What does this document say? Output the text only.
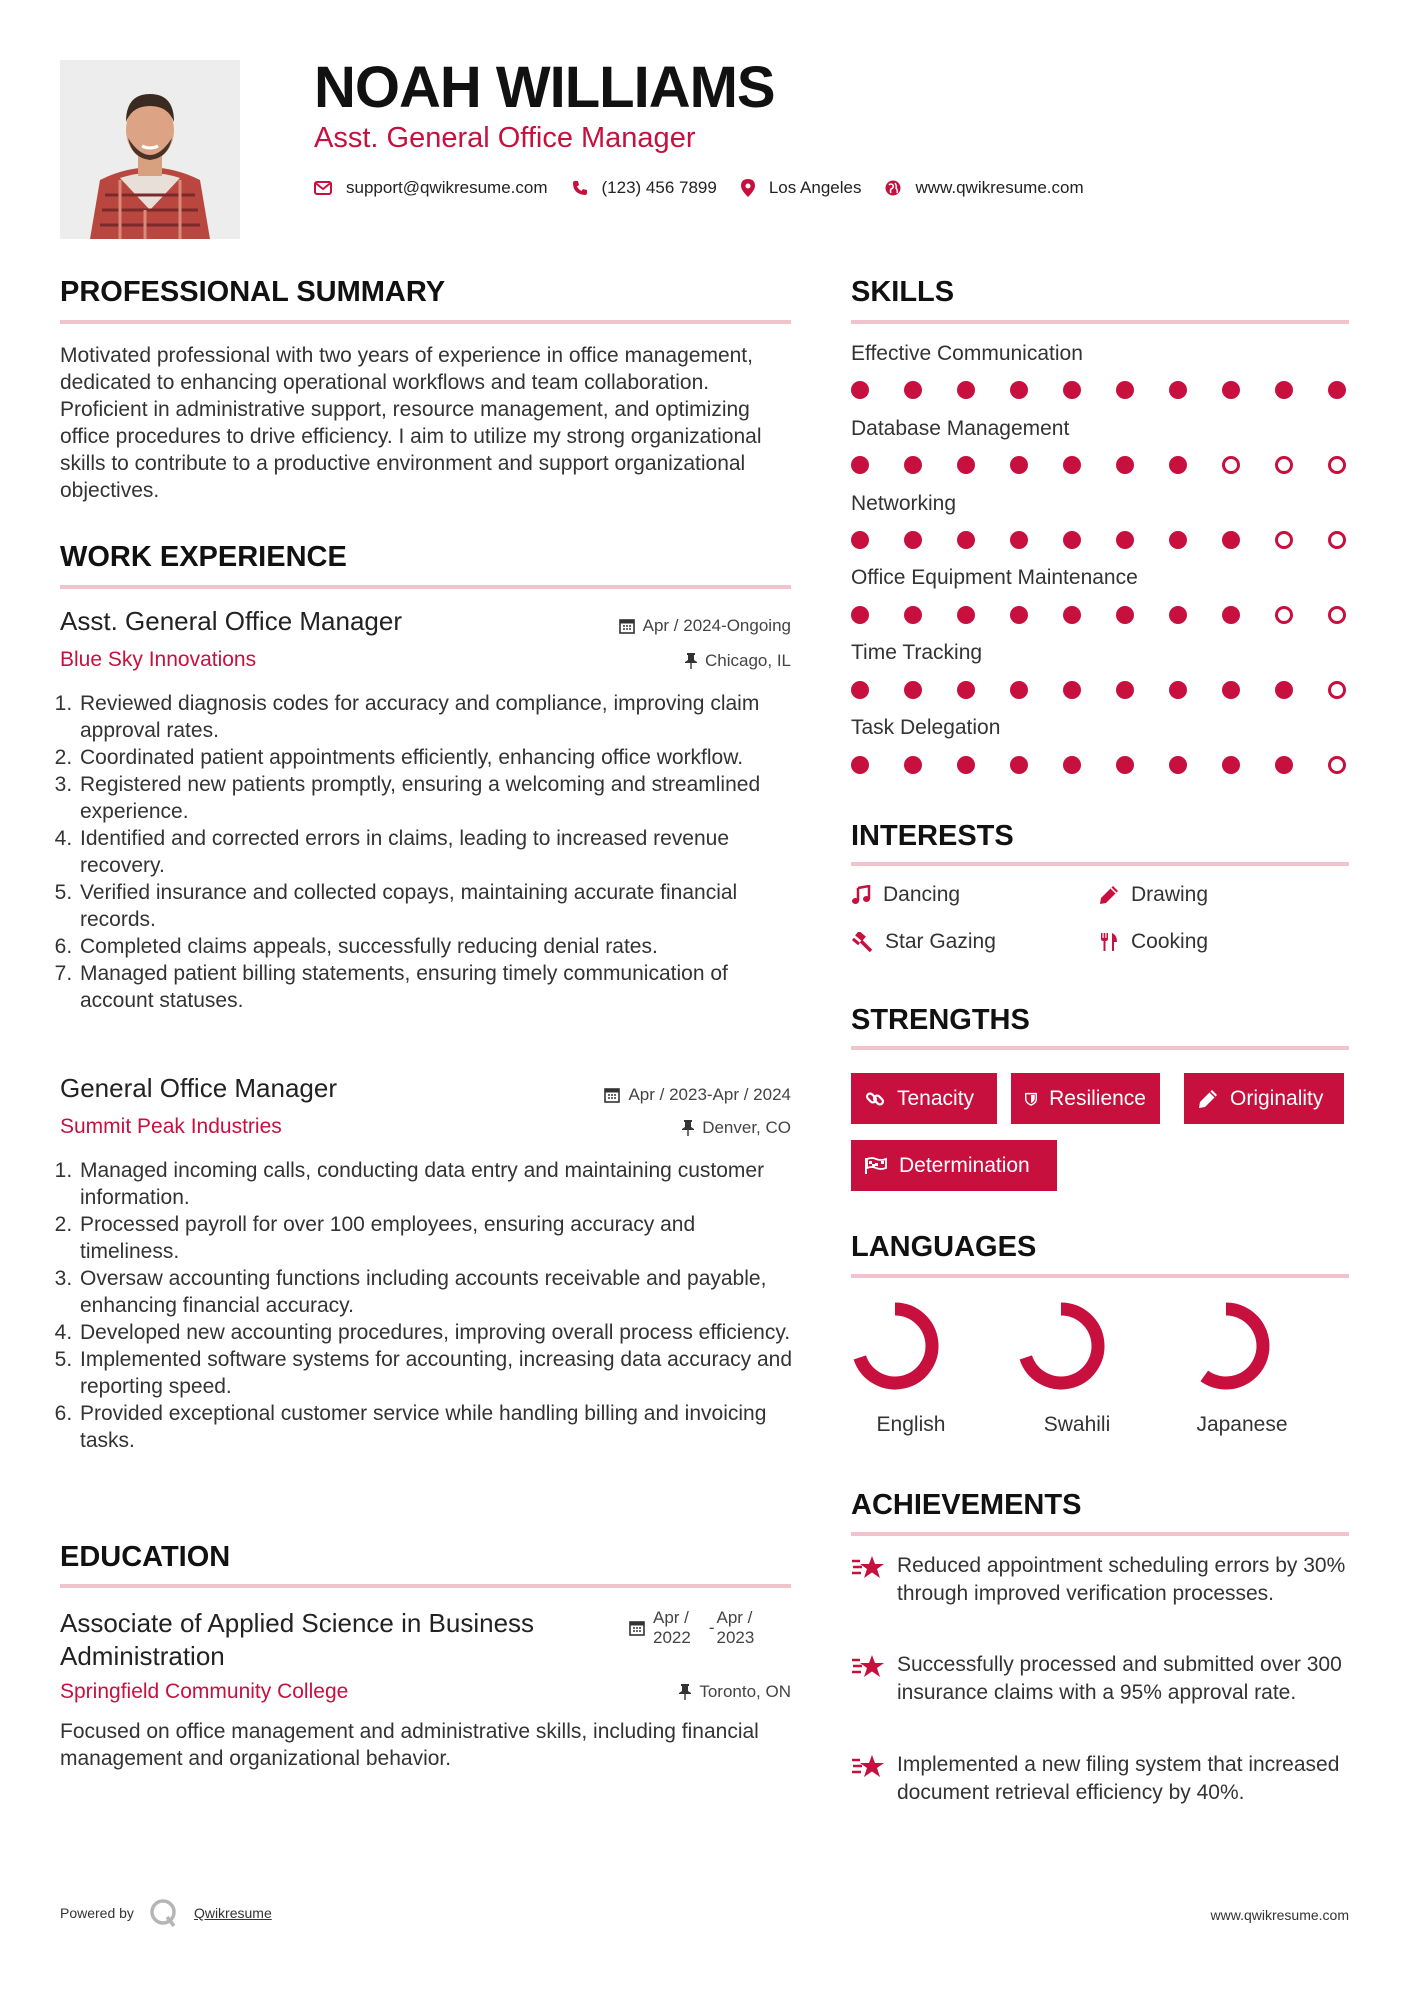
NOAH WILLIAMS
Asst. General Office Manager
support@qwikresume.com	(123) 456 7899	Los Angeles	www.qwikresume.com
PROFESSIONAL SUMMARY
Motivated professional with two years of experience in office management, dedicated to enhancing operational workflows and team collaboration. Proficient in administrative support, resource management, and optimizing office procedures to drive efficiency. I aim to utilize my strong organizational skills to contribute to a productive environment and support organizational objectives.
WORK EXPERIENCE
Asst. General Office Manager	Apr / 2024-Ongoing
Blue Sky Innovations	Chicago, IL
1. Reviewed diagnosis codes for accuracy and compliance, improving claim approval rates.
2. Coordinated patient appointments efficiently, enhancing office workflow.
3. Registered new patients promptly, ensuring a welcoming and streamlined experience.
4. Identified and corrected errors in claims, leading to increased revenue recovery.
5. Verified insurance and collected copays, maintaining accurate financial records.
6. Completed claims appeals, successfully reducing denial rates.
7. Managed patient billing statements, ensuring timely communication of account statuses.
General Office Manager	Apr / 2023-Apr / 2024
Summit Peak Industries	Denver, CO
1. Managed incoming calls, conducting data entry and maintaining customer information.
2. Processed payroll for over 100 employees, ensuring accuracy and timeliness.
3. Oversaw accounting functions including accounts receivable and payable, enhancing financial accuracy.
4. Developed new accounting procedures, improving overall process efficiency.
5. Implemented software systems for accounting, increasing data accuracy and reporting speed.
6. Provided exceptional customer service while handling billing and invoicing tasks.
EDUCATION
Associate of Applied Science in Business Administration
Apr /
2022
-
Apr /
2023
Springfield Community College	Toronto, ON
Focused on office management and administrative skills, including financial management and organizational behavior.
SKILLS
Effective Communication
Database Management
Networking
Office Equipment Maintenance
Time Tracking
Task Delegation
INTERESTS
Dancing	Drawing
Star Gazing	Cooking
STRENGTHS
Tenacity	Resilience	Originality
Determination
LANGUAGES
English	Swahili	Japanese
ACHIEVEMENTS
Reduced appointment scheduling errors by 30% through improved verification processes.
Successfully processed and submitted over 300 insurance claims with a 95% approval rate.
Implemented a new filing system that increased document retrieval efficiency by 40%.
Powered by	Qwikresume	www.qwikresume.com
